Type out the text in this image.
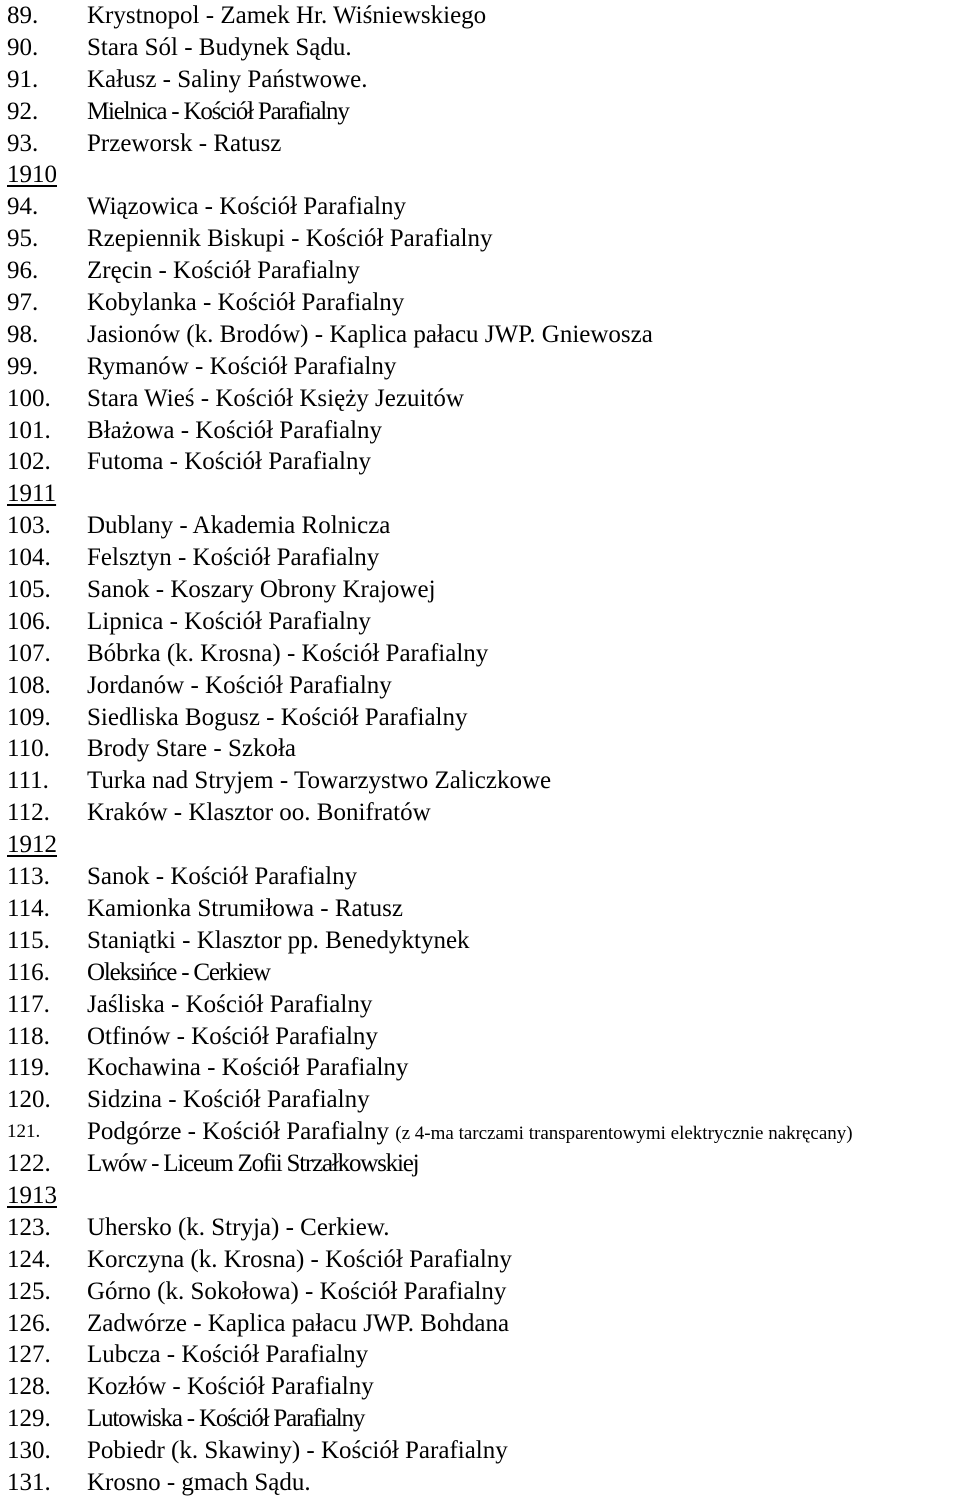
89. Krystnopol - Zamek Hr. Wiśniewskiego
90. Stara Sól - Budynek Sądu.
91. Kałusz - Saliny Państwowe.
92. Mielnica - Kościół Parafialny
93. Przeworsk - Ratusz
1910
94. Wiązowica - Kościół Parafialny
95. Rzepiennik Biskupi - Kościół Parafialny
96. Zręcin - Kościół Parafialny
97. Kobylanka - Kościół Parafialny
98. Jasionów (k. Brodów) - Kaplica pałacu JWP. Gniewosza
99. Rymanów - Kościół Parafialny
100. Stara Wieś - Kościół Księży Jezuitów
101. Błażowa - Kościół Parafialny
102. Futoma - Kościół Parafialny
1911
103. Dublany - Akademia Rolnicza
104. Felsztyn - Kościół Parafialny
105. Sanok - Koszary Obrony Krajowej
106. Lipnica - Kościół Parafialny
107. Bóbrka (k. Krosna) - Kościół Parafialny
108. Jordanów - Kościół Parafialny
109. Siedliska Bogusz - Kościół Parafialny
110. Brody Stare - Szkoła
111. Turka nad Stryjem - Towarzystwo Zaliczkowe
112. Kraków - Klasztor oo. Bonifratów
1912
113. Sanok - Kościół Parafialny
114. Kamionka Strumiłowa - Ratusz
115. Staniątki - Klasztor pp. Benedyktynek
116. Oleksińce - Cerkiew
117. Jaśliska - Kościół Parafialny
118. Otfinów - Kościół Parafialny
119. Kochawina - Kościół Parafialny
120. Sidzina - Kościół Parafialny
121. Podgórze - Kościół Parafialny (z 4-ma tarczami transparentowymi elektrycznie nakręcany)
122. Lwów - Liceum Zofii Strzałkowskiej
1913
123. Uhersko (k. Stryja) - Cerkiew.
124. Korczyna (k. Krosna) - Kościół Parafialny
125. Górno (k. Sokołowa) - Kościół Parafialny
126. Zadwórze - Kaplica pałacu JWP. Bohdana
127. Lubcza - Kościół Parafialny
128. Kozłów - Kościół Parafialny
129. Lutowiska - Kościół Parafialny
130. Pobiedr (k. Skawiny) - Kościół Parafialny
131. Krosno - gmach Sądu.
